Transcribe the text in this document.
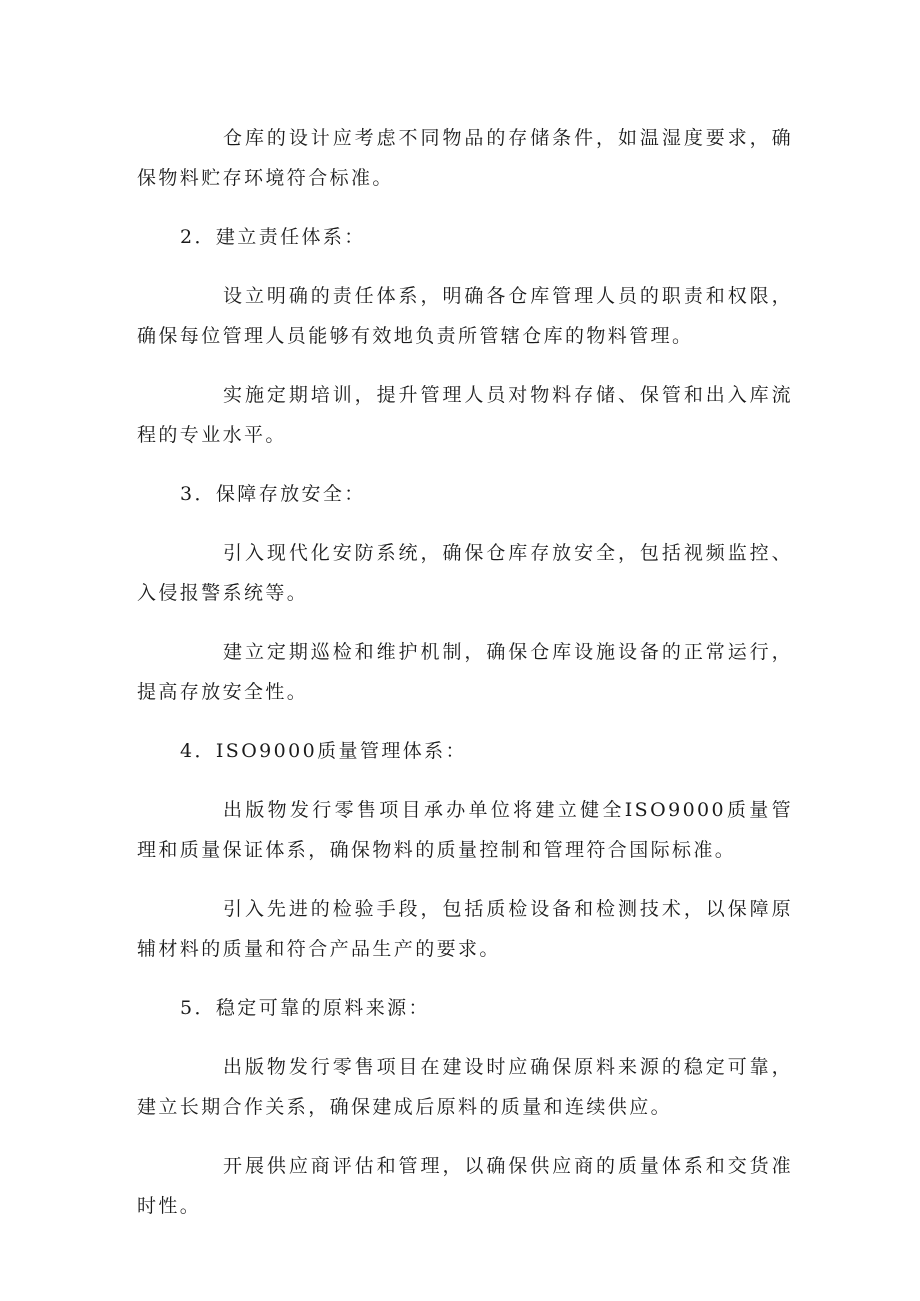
仓库的设计应考虑不同物品的存储条件，如温湿度要求，确保物料贮存环境符合标准。

2．建立责任体系：

设立明确的责任体系，明确各仓库管理人员的职责和权限，确保每位管理人员能够有效地负责所管辖仓库的物料管理。

实施定期培训，提升管理人员对物料存储、保管和出入库流程的专业水平。

3．保障存放安全：

引入现代化安防系统，确保仓库存放安全，包括视频监控、入侵报警系统等。

建立定期巡检和维护机制，确保仓库设施设备的正常运行，提高存放安全性。

4．ISO9000质量管理体系：

出版物发行零售项目承办单位将建立健全ISO9000质量管理和质量保证体系，确保物料的质量控制和管理符合国际标准。

引入先进的检验手段，包括质检设备和检测技术，以保障原辅材料的质量和符合产品生产的要求。

5．稳定可靠的原料来源：

出版物发行零售项目在建设时应确保原料来源的稳定可靠，建立长期合作关系，确保建成后原料的质量和连续供应。

开展供应商评估和管理，以确保供应商的质量体系和交货准时性。
